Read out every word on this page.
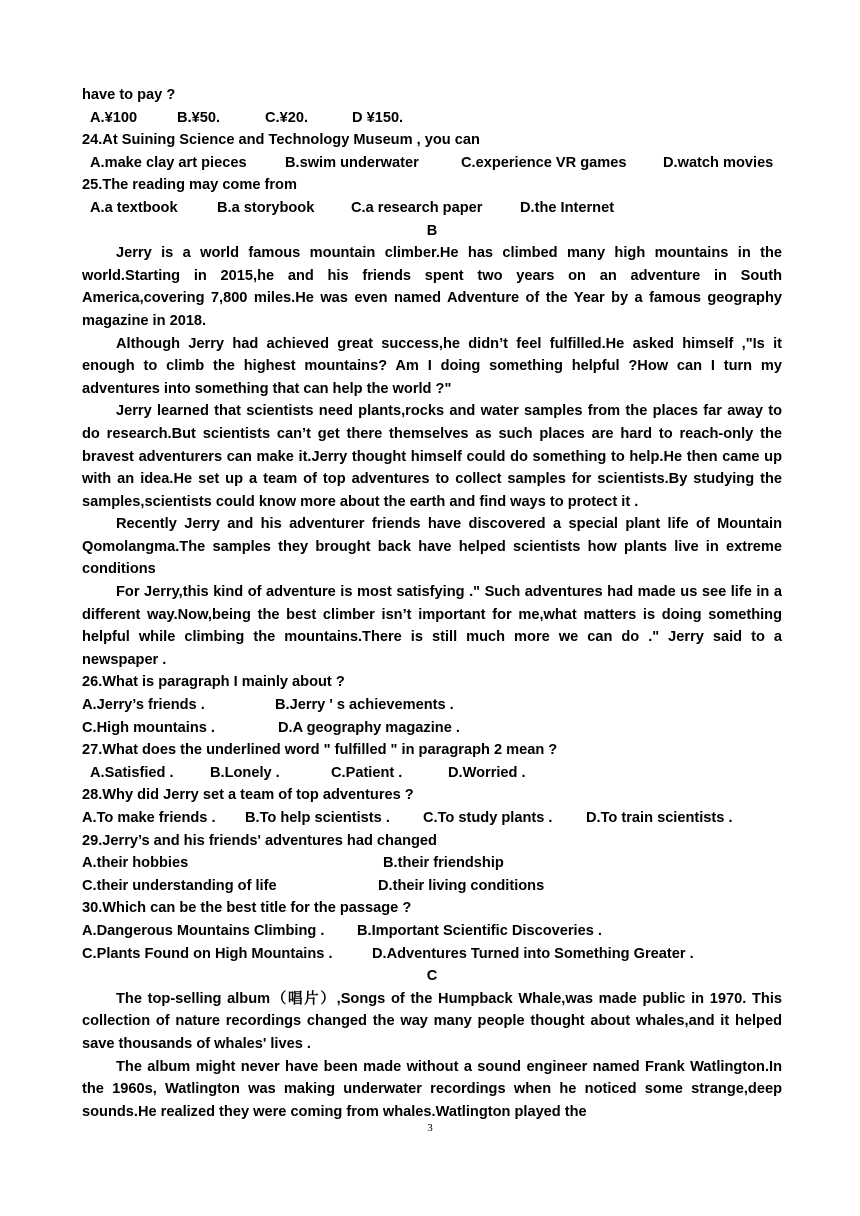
have to pay ?
A.¥100	B.¥50.	C.¥20.	D ¥150.
24.At Suining Science and Technology Museum , you can
A.make clay art pieces	B.swim underwater	C.experience VR games	D.watch movies
25.The reading may come from
A.a textbook	B.a storybook	C.a research paper	D.the Internet
B

Jerry is a world famous mountain climber.He has climbed many high mountains in the world.Starting in 2015,he and his friends spent two years on an adventure in South America,covering 7,800 miles.He was even named Adventure of the Year by a famous geography magazine in 2018.

Although Jerry had achieved great success,he didn’t feel fulfilled.He asked himself ,"Is it enough to climb the highest mountains? Am I doing something helpful ?How can I turn my adventures into something that can help the world ?"

Jerry learned that scientists need plants,rocks and water samples from the places far away to do research.But scientists can’t get there themselves as such places are hard to reach-only the bravest adventurers can make it.Jerry thought himself could do something to help.He then came up with an idea.He set up a team of top adventures to collect samples for scientists.By studying the samples,scientists could know more about the earth and find ways to protect it .

Recently Jerry and his adventurer friends have discovered a special plant life of Mountain Qomolangma.The samples they brought back have helped scientists how plants live in extreme conditions

For Jerry,this kind of adventure is most satisfying ." Such adventures had made us see life in a different way.Now,being the best climber isn’t important for me,what matters is doing something helpful while climbing the mountains.There is still much more we can do ." Jerry said to a newspaper .

26.What is paragraph I mainly about ?
A.Jerry’s friends .	B.Jerry ' s achievements .
C.High mountains .	D.A geography magazine .
27.What does the underlined word " fulfilled " in paragraph 2 mean ?
A.Satisfied .	B.Lonely .	C.Patient .	D.Worried .
28.Why did Jerry set a team of top adventures ?
A.To make friends .	B.To help scientists .	C.To study plants .	D.To train scientists .
29.Jerry’s and his friends' adventures had changed
A.their hobbies	B.their friendship
C.their understanding of life	D.their living conditions
30.Which can be the best title for the passage ?
A.Dangerous Mountains Climbing .	B.Important Scientific Discoveries .
C.Plants Found on High Mountains .	D.Adventures Turned into Something Greater .
C

The top-selling album（唱片）,Songs of the Humpback Whale,was made public in 1970. This collection of nature recordings changed the way many people thought about whales,and it helped save thousands of whales' lives .

The album might never have been made without a sound engineer named Frank Watlington.In the 1960s, Watlington was making underwater recordings when he noticed some strange,deep sounds.He realized they were coming from whales.Watlington played the

3
